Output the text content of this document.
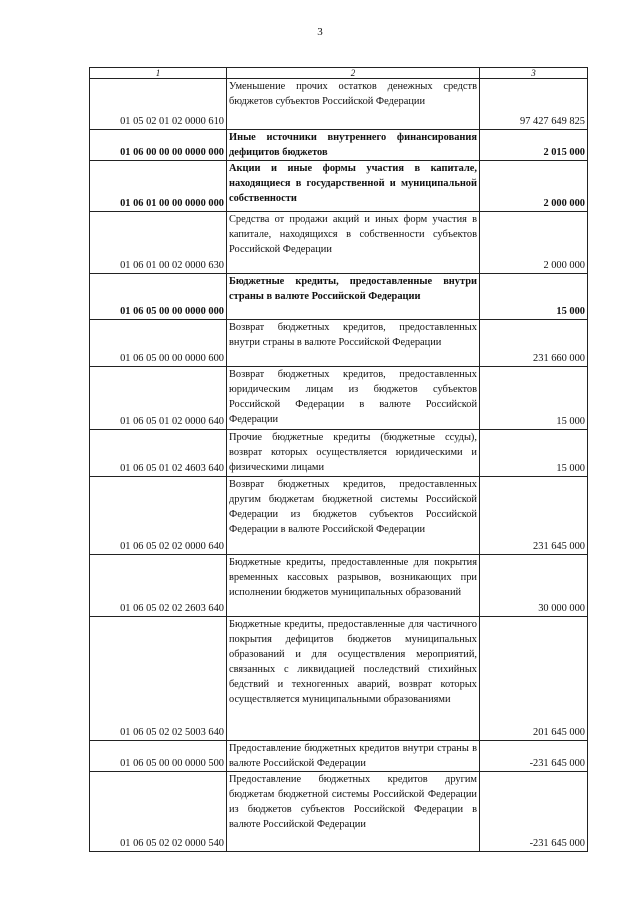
3
1	2	3
01 05 02 01 02 0000 610	Уменьшение прочих остатков денежных средств бюджетов субъектов Российской Федерации	97 427 649 825
01 06 00 00 00 0000 000	Иные источники внутреннего финансирования дефицитов бюджетов	2 015 000
01 06 01 00 00 0000 000	Акции и иные формы участия в капитале, находящиеся в государственной и муниципальной собственности	2 000 000
01 06 01 00 02 0000 630	Средства от продажи акций и иных форм участия в капитале, находящихся в собственности субъектов Российской Федерации	2 000 000
01 06 05 00 00 0000 000	Бюджетные кредиты, предоставленные внутри страны в валюте Российской Федерации	15 000
01 06 05 00 00 0000 600	Возврат бюджетных кредитов, предоставленных внутри страны в валюте Российской Федерации	231 660 000
01 06 05 01 02 0000 640	Возврат бюджетных кредитов, предоставленных юридическим лицам из бюджетов субъектов Российской Федерации в валюте Российской Федерации	15 000
01 06 05 01 02 4603 640	Прочие бюджетные кредиты (бюджетные ссуды), возврат которых осуществляется юридическими и физическими лицами	15 000
01 06 05 02 02 0000 640	Возврат бюджетных кредитов, предоставленных другим бюджетам бюджетной системы Российской Федерации из бюджетов субъектов Российской Федерации в валюте Российской Федерации	231 645 000
01 06 05 02 02 2603 640	Бюджетные кредиты, предоставленные для покрытия временных кассовых разрывов, возникающих при исполнении бюджетов муниципальных образований	30 000 000
01 06 05 02 02 5003 640	Бюджетные кредиты, предоставленные для частичного покрытия дефицитов бюджетов муниципальных образований и для осуществления мероприятий, связанных с ликвидацией последствий стихийных бедствий и техногенных аварий, возврат которых осуществляется муниципальными образованиями	201 645 000
01 06 05 00 00 0000 500	Предоставление бюджетных кредитов внутри страны в валюте Российской Федерации	-231 645 000
01 06 05 02 02 0000 540	Предоставление бюджетных кредитов другим бюджетам бюджетной системы Российской Федерации из бюджетов субъектов Российской Федерации в валюте Российской Федерации	-231 645 000
